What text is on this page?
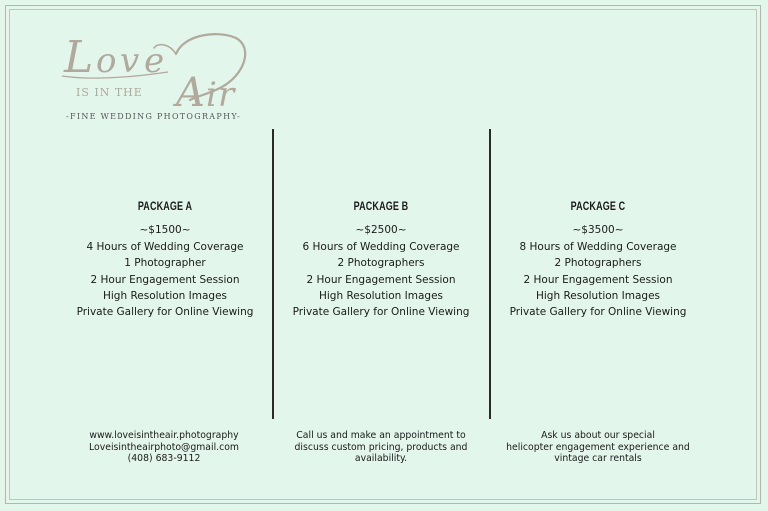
L o v e
A i r
IS IN THE
-FINE WEDDING PHOTOGRAPHY-
PACKAGE A
~$1500~
4 Hours of Wedding Coverage
1 Photographer
2 Hour Engagement Session
High Resolution Images
Private Gallery for Online Viewing
PACKAGE B
~$2500~
6 Hours of Wedding Coverage
2 Photographers
2 Hour Engagement Session
High Resolution Images
Private Gallery for Online Viewing
PACKAGE C
~$3500~
8 Hours of Wedding Coverage
2 Photographers
2 Hour Engagement Session
High Resolution Images
Private Gallery for Online Viewing
www.loveisintheair.photography
Loveisintheairphoto@gmail.com
(408) 683-9112
Call us and make an appointment to
discuss custom pricing, products and
availability.
Ask us about our special
helicopter engagement experience and
vintage car rentals
